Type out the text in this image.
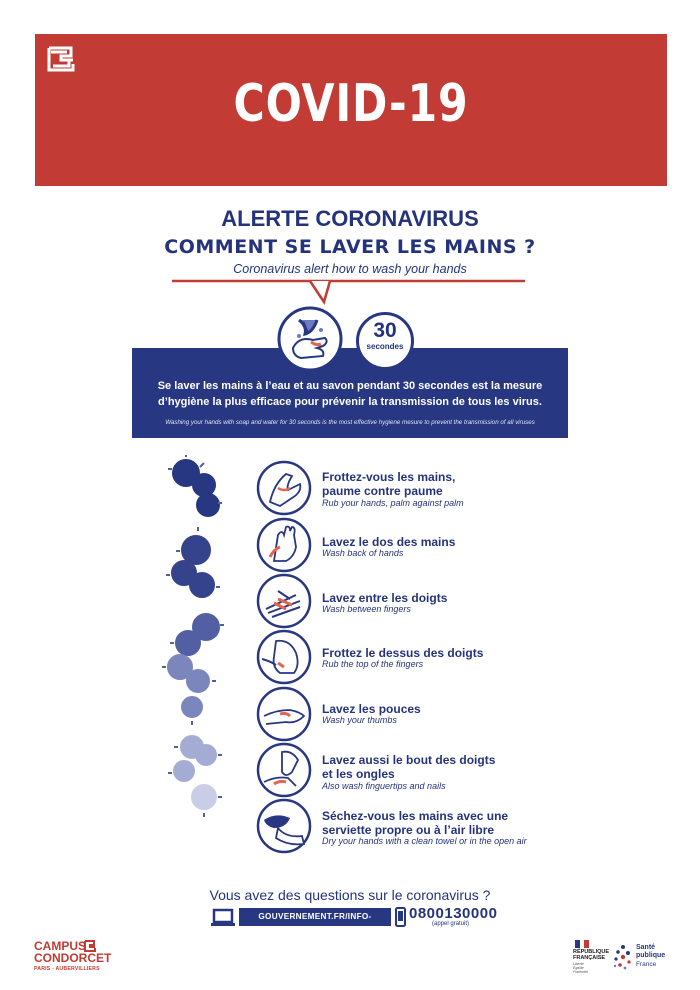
COVID-19
ALERTE CORONAVIRUS
COMMENT SE LAVER LES MAINS ?
Coronavirus alert how to wash your hands
Se laver les mains à l’eau et au savon pendant 30 secondes est la mesure
d’hygiène la plus efficace pour prévenir la transmission de tous les virus.
Washing your hands with soap and water for 30 seconds is the most effective hygiene mesure to prevent the transmission of all viruses
30
secondes
Frottez-vous les mains,
paume contre paume
Rub your hands, palm against palm
Lavez le dos des mains
Wash back of hands
Lavez entre les doigts
Wash between fingers
Frottez le dessus des doigts
Rub the top of the fingers
Lavez les pouces
Wash your thumbs
Lavez aussi le bout des doigts
et les ongles
Also wash finguertips and nails
Séchez-vous les mains avec une
serviette propre ou à l’air libre
Dry your hands with a clean towel or in the open air
Vous avez des questions sur le coronavirus ?
GOUVERNEMENT.FR/INFO-CORONAVIRUS
0800130000
(appel gratuit)
CAMPUS
CONDORCET
PARIS - AUBERVILLIERS
RÉPUBLIQUE
FRANÇAISE
Liberté
Égalité
Fraternité
Santé
publique
France
